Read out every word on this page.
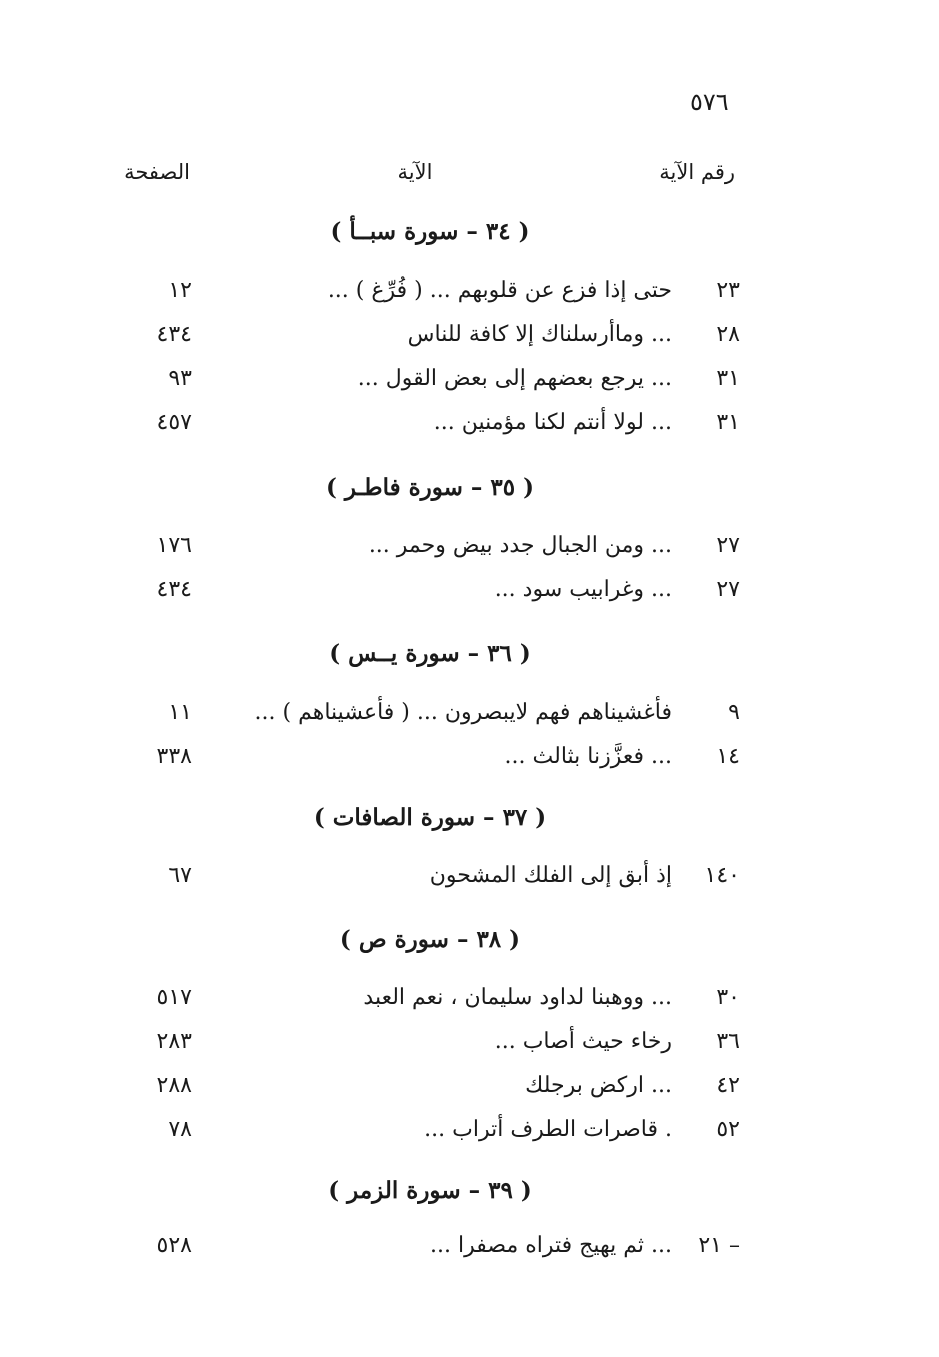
٥٧٦
رقم الآية
الآية
الصفحة
( ٣٤ – سورة سبــأ )
٢٣
... حتى إذا فزع عن قلوبهم ... ( فُرِّغ )
١٢
٢٨
وماأرسلناك إلا كافة للناس ...
٤٣٤
٣١
... يرجع بعضهم إلى بعض القول ...
٩٣
٣١
... لولا أنتم لكنا مؤمنين ...
٤٥٧
( ٣٥ – سورة فاطـر )
٢٧
... ومن الجبال جدد بيض وحمر ...
١٧٦
٢٧
... وغرابيب سود ...
٤٣٤
( ٣٦ – سورة يــس )
٩
... فأغشيناهم فهم لايبصرون ... ( فأعشيناهم )
١١
١٤
... فعزَّزنا بثالث ...
٣٣٨
( ٣٧ – سورة الصافات )
١٤٠
إذ أبق إلى الفلك المشحون
٦٧
( ٣٨ – سورة ص )
٣٠
ووهبنا لداود سليمان ، نعم العبد ...
٥١٧
٣٦
... رخاء حيث أصاب
٢٨٣
٤٢
اركض برجلك ...
٢٨٨
٥٢
... قاصرات الطرف أتراب .
٧٨
( ٣٩ – سورة الزمر )
٢١ –
... ثم يهيج فتراه مصفرا ...
٥٢٨
